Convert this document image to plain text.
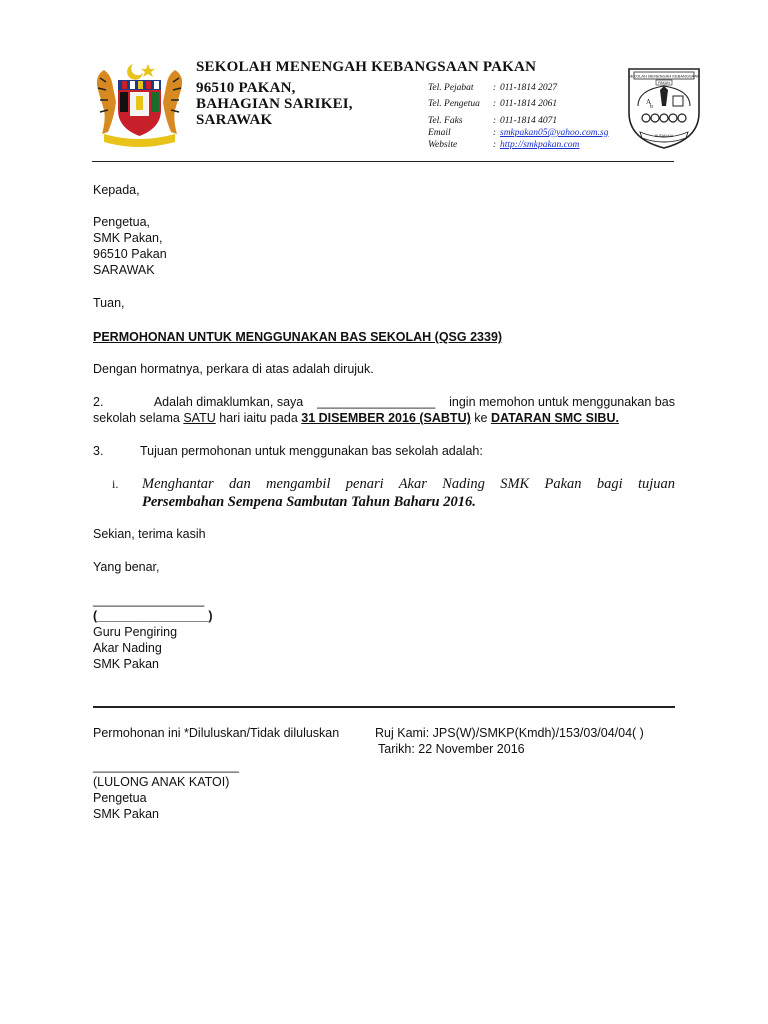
SEKOLAH MENENGAH KEBANGSAAN PAKAN
96510 PAKAN,
BAHAGIAN SARIKEI,
SARAWAK
Tel. Pejabat : 011-1814 2027
Tel. Pengetua : 011-1814 2061
Tel. Faks	: 011-1814 4071
Email	: smkpakan05@yahoo.com.sg
Website	: http://smkpakan.com
SEKOLAH MENENGAH KEBANGSAAN
PAKAN
A
b
BUTAN KAI
Kepada,
Pengetua,
SMK Pakan,
96510 Pakan
SARAWAK
Tuan,
PERMOHONAN UNTUK MENGGUNAKAN BAS SEKOLAH (QSG 2339)
Dengan hormatnya, perkara di atas adalah dirujuk.
2.	Adalah dimaklumkan, saya _________________ ingin memohon untuk menggunakan bas
sekolah selama SATU hari iaitu pada 31 DISEMBER 2016 (SABTU) ke DATARAN SMC SIBU.
3.	Tujuan permohonan untuk menggunakan bas sekolah adalah:
i. Menghantar dan mengambil penari Akar Nading SMK Pakan bagi tujuan
Persembahan Sempena Sambutan Tahun Baharu 2016.
Sekian, terima kasih
Yang benar,
________________
(________________)
Guru Pengiring
Akar Nading
SMK Pakan
Permohonan ini *Diluluskan/Tidak diluluskan	Ruj Kami: JPS(W)/SMKP(Kmdh)/153/03/04/04( )
Tarikh: 22 November 2016
_____________________
(LULONG ANAK KATOI)
Pengetua
SMK Pakan
